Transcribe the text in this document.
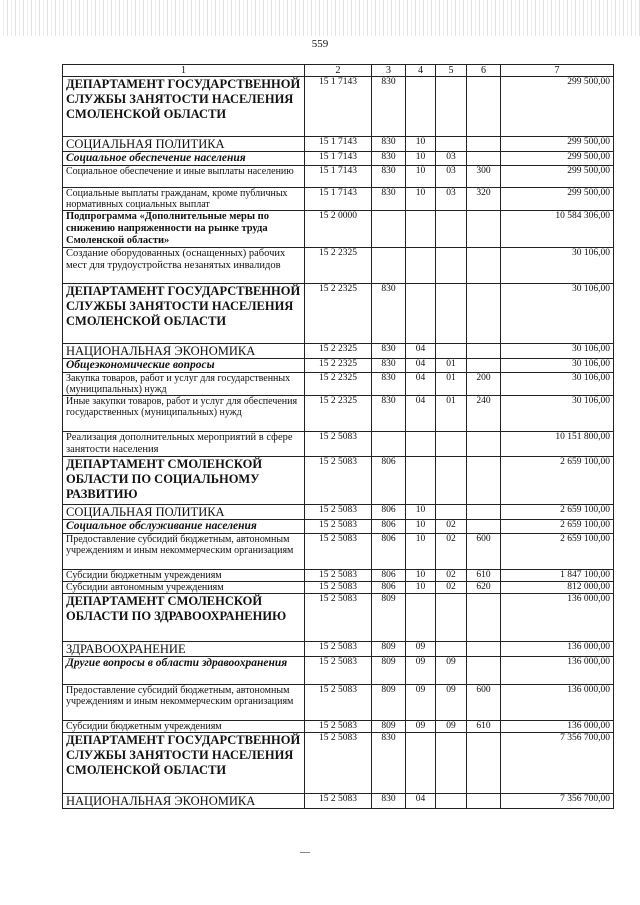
559
1	2	3	4	5	6	7
ДЕПАРТАМЕНТ ГОСУДАРСТВЕННОЙ СЛУЖБЫ ЗАНЯТОСТИ НАСЕЛЕНИЯ СМОЛЕНСКОЙ ОБЛАСТИ	15 1 7143	830				299 500,00
СОЦИАЛЬНАЯ ПОЛИТИКА	15 1 7143	830	10			299 500,00
Социальное обеспечение населения	15 1 7143	830	10	03		299 500,00
Социальное обеспечение и иные выплаты населению	15 1 7143	830	10	03	300	299 500,00
Социальные выплаты гражданам, кроме публичных нормативных социальных выплат	15 1 7143	830	10	03	320	299 500,00
Подпрограмма «Дополнительные меры по снижению напряженности на рынке труда Смоленской области»	15 2 0000					10 584 306,00
Создание оборудованных (оснащенных) рабочих мест для трудоустройства незанятых инвалидов	15 2 2325					30 106,00
ДЕПАРТАМЕНТ ГОСУДАРСТВЕННОЙ СЛУЖБЫ ЗАНЯТОСТИ НАСЕЛЕНИЯ СМОЛЕНСКОЙ ОБЛАСТИ	15 2 2325	830				30 106,00
НАЦИОНАЛЬНАЯ ЭКОНОМИКА	15 2 2325	830	04			30 106,00
Общеэкономические вопросы	15 2 2325	830	04	01		30 106,00
Закупка товаров, работ и услуг для государственных (муниципальных) нужд	15 2 2325	830	04	01	200	30 106,00
Иные закупки товаров, работ и услуг для обеспечения государственных (муниципальных) нужд	15 2 2325	830	04	01	240	30 106,00
Реализация дополнительных мероприятий в сфере занятости населения	15 2 5083					10 151 800,00
ДЕПАРТАМЕНТ СМОЛЕНСКОЙ ОБЛАСТИ ПО СОЦИАЛЬНОМУ РАЗВИТИЮ	15 2 5083	806				2 659 100,00
СОЦИАЛЬНАЯ ПОЛИТИКА	15 2 5083	806	10			2 659 100,00
Социальное обслуживание населения	15 2 5083	806	10	02		2 659 100,00
Предоставление субсидий бюджетным, автономным учреждениям и иным некоммерческим организациям	15 2 5083	806	10	02	600	2 659 100,00
Субсидии бюджетным учреждениям	15 2 5083	806	10	02	610	1 847 100,00
Субсидии автономным учреждениям	15 2 5083	806	10	02	620	812 000,00
ДЕПАРТАМЕНТ СМОЛЕНСКОЙ ОБЛАСТИ ПО ЗДРАВООХРАНЕНИЮ	15 2 5083	809				136 000,00
ЗДРАВООХРАНЕНИЕ	15 2 5083	809	09			136 000,00
Другие вопросы в области здравоохранения	15 2 5083	809	09	09		136 000,00
Предоставление субсидий бюджетным, автономным учреждениям и иным некоммерческим организациям	15 2 5083	809	09	09	600	136 000,00
Субсидии бюджетным учреждениям	15 2 5083	809	09	09	610	136 000,00
ДЕПАРТАМЕНТ ГОСУДАРСТВЕННОЙ СЛУЖБЫ ЗАНЯТОСТИ НАСЕЛЕНИЯ СМОЛЕНСКОЙ ОБЛАСТИ	15 2 5083	830				7 356 700,00
НАЦИОНАЛЬНАЯ ЭКОНОМИКА	15 2 5083	830	04			7 356 700,00
